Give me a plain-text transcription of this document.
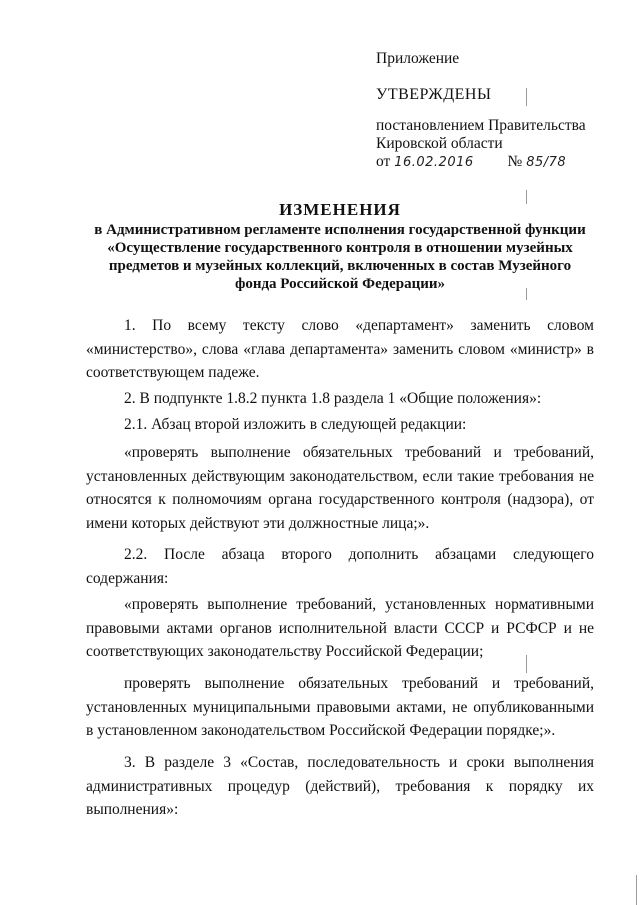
Приложение
УТВЕРЖДЕНЫ
постановлением Правительства
Кировской области
от 16.02.2016 № 85/78
ИЗМЕНЕНИЯ
в Административном регламенте исполнения государственной функции
«Осуществление государственного контроля в отношении музейных
предметов и музейных коллекций, включенных в состав Музейного
фонда Российской Федерации»

1. По всему тексту слово «департамент» заменить словом «министерство», слова «глава департамента» заменить словом «министр» в соответствующем падеже.

2. В подпункте 1.8.2 пункта 1.8 раздела 1 «Общие положения»:

2.1. Абзац второй изложить в следующей редакции:

«проверять выполнение обязательных требований и требований, установленных действующим законодательством, если такие требования не относятся к полномочиям органа государственного контроля (надзора), от имени которых действуют эти должностные лица;».

2.2. После абзаца второго дополнить абзацами следующего содержания:

«проверять выполнение требований, установленных нормативными правовыми актами органов исполнительной власти СССР и РСФСР и не соответствующих законодательству Российской Федерации;

проверять выполнение обязательных требований и требований, установленных муниципальными правовыми актами, не опубликованными в установленном законодательством Российской Федерации порядке;».

3. В разделе 3 «Состав, последовательность и сроки выполнения административных процедур (действий), требования к порядку их выполнения»:
